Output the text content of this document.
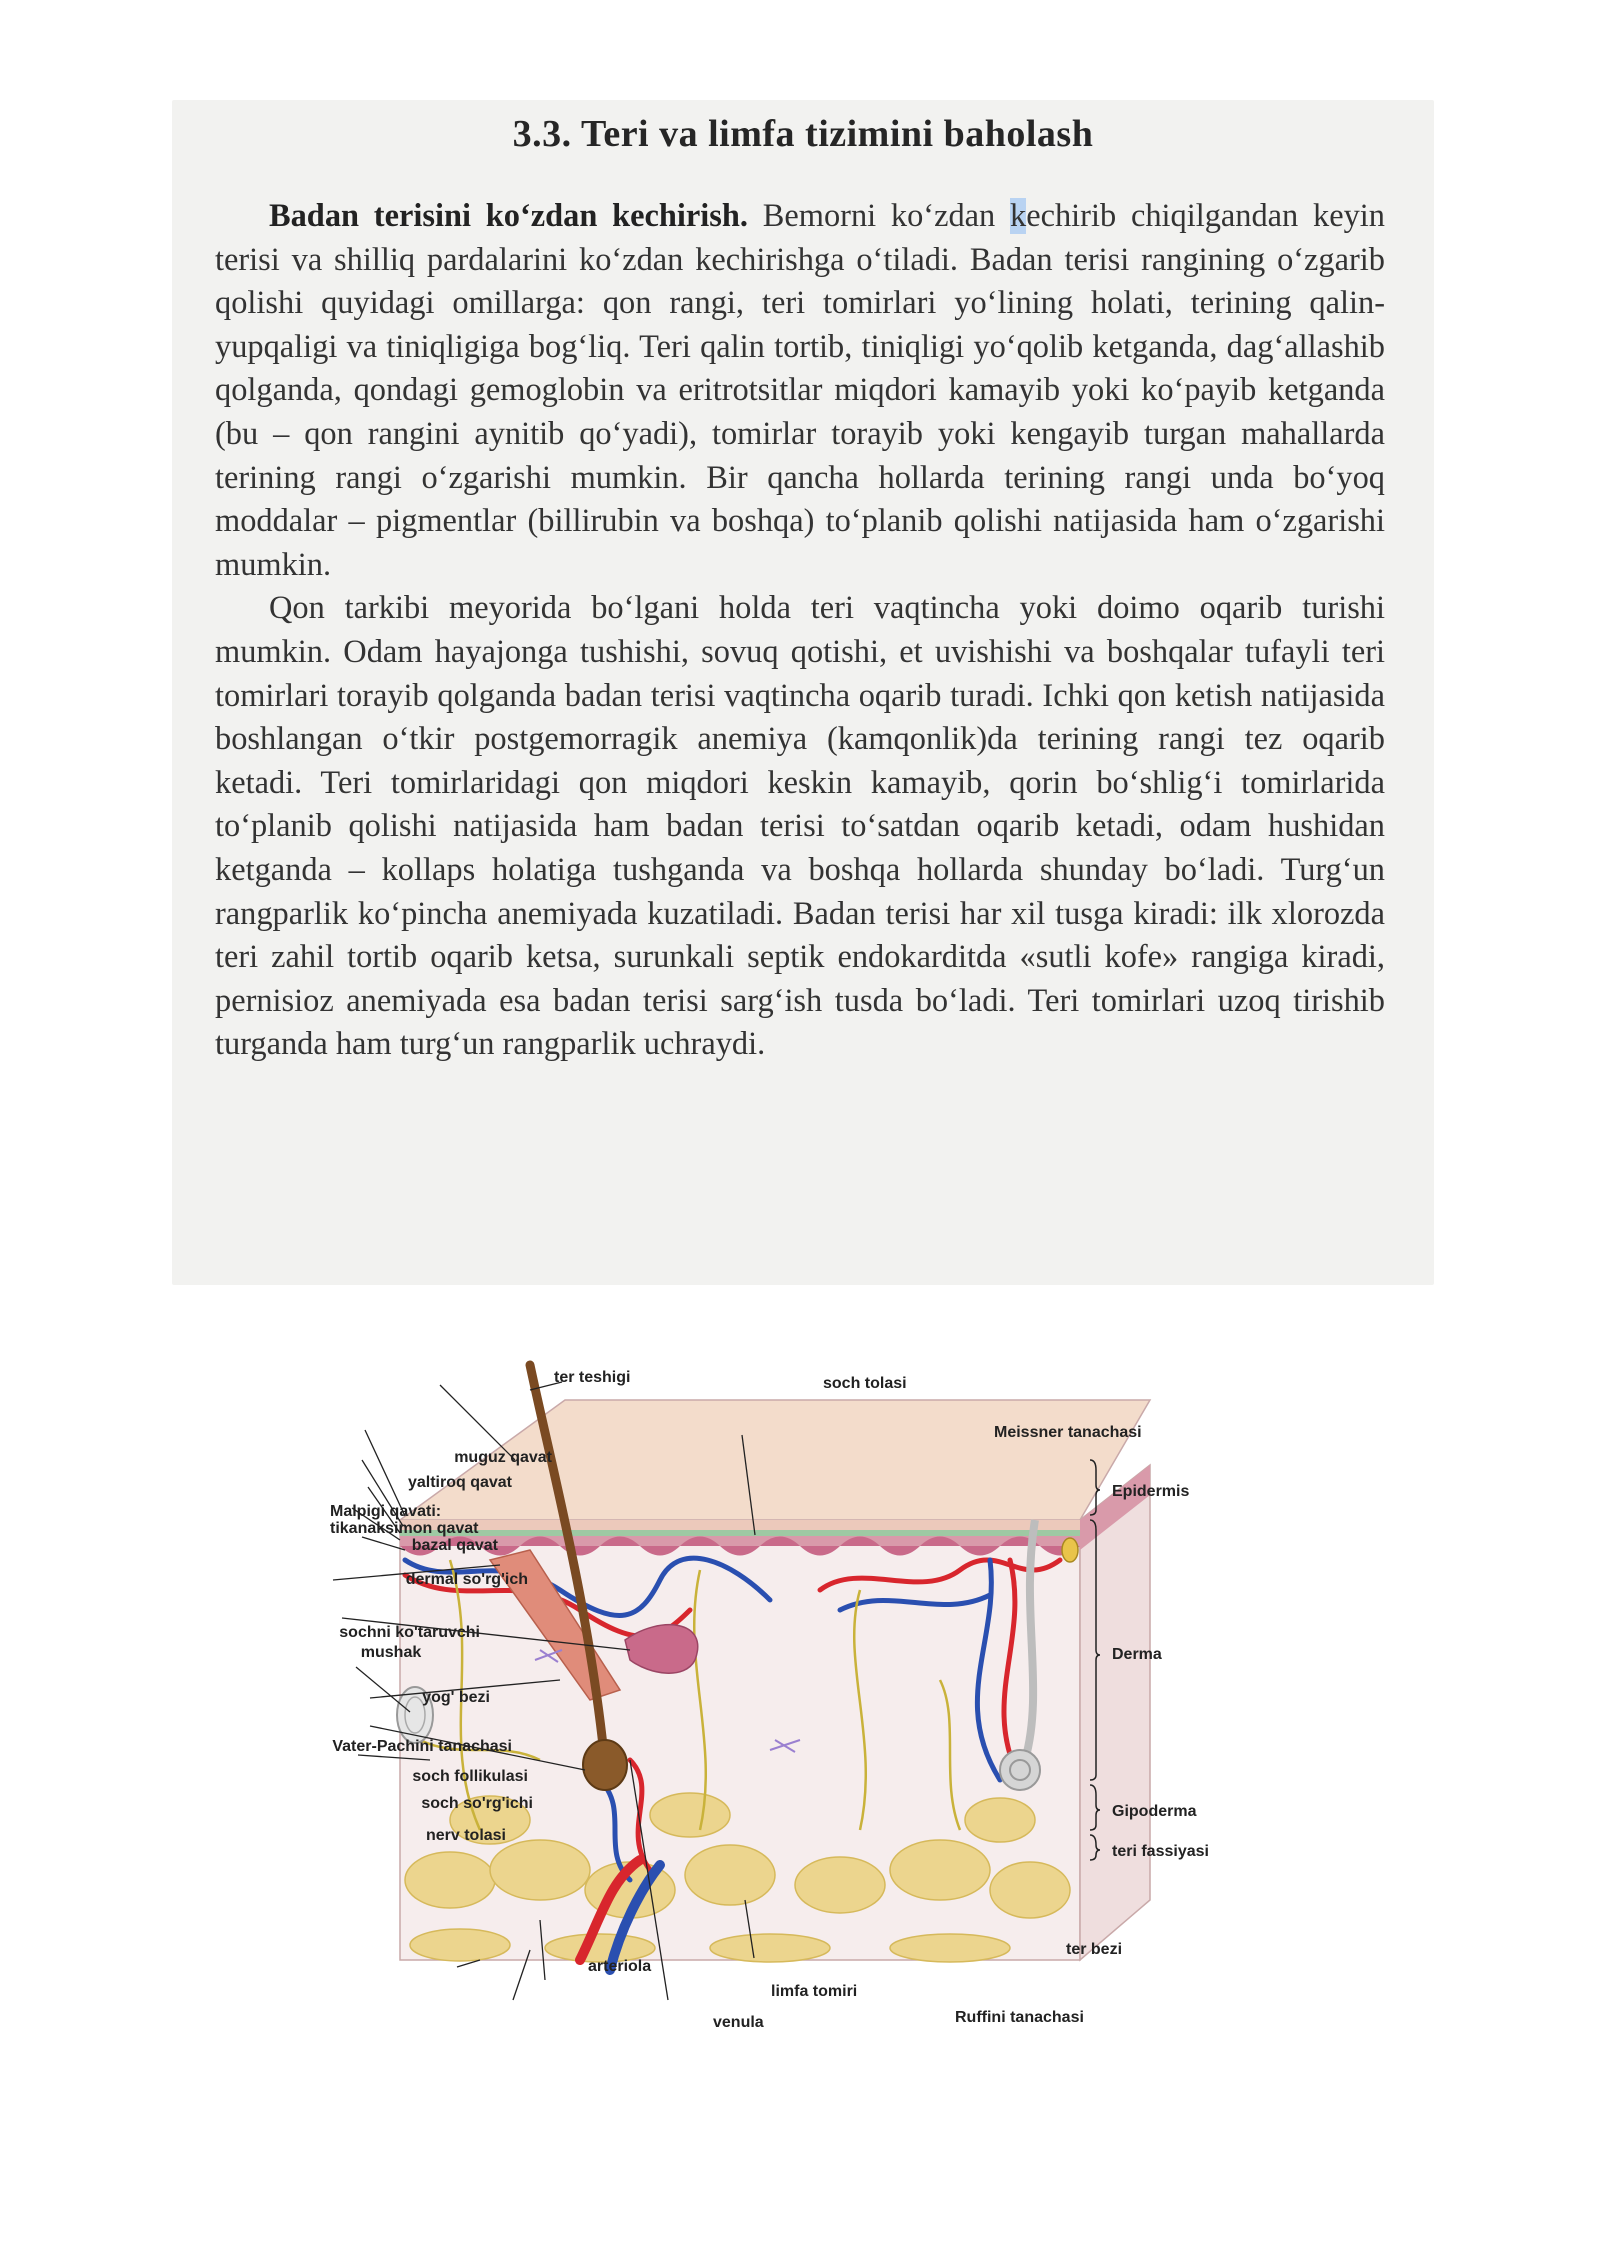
3.3. Teri va limfa tizimini baholash

Badan terisini ko‘zdan kechirish. Bemorni ko‘zdan kechirib chiqilgandan keyin terisi va shilliq pardalarini ko‘zdan kechirishga o‘tiladi. Badan terisi rangining o‘zgarib qolishi quyidagi omillarga: qon rangi, teri tomirlari yo‘lining holati, terining qalin-yupqaligi va tiniqligiga bog‘liq. Teri qalin tortib, tiniqligi yo‘qolib ketganda, dag‘allashib qolganda, qondagi gemoglobin va eritrotsitlar miqdori kamayib yoki ko‘payib ketganda (bu – qon rangini aynitib qo‘yadi), tomirlar torayib yoki kengayib turgan mahallarda terining rangi o‘zgarishi mumkin. Bir qancha hollarda terining rangi unda bo‘yoq moddalar – pigmentlar (billirubin va boshqa) to‘planib qolishi natijasida ham o‘zgarishi mumkin.

Qon tarkibi meyorida bo‘lgani holda teri vaqtincha yoki doimo oqarib turishi mumkin. Odam hayajonga tushishi, sovuq qotishi, et uvishishi va boshqalar tufayli teri tomirlari torayib qolganda badan terisi vaqtincha oqarib turadi. Ichki qon ketish natijasida boshlangan o‘tkir postgemorragik anemiya (kamqonlik)da terining rangi tez oqarib ketadi. Teri tomirlaridagi qon miqdori keskin kamayib, qorin bo‘shlig‘i tomirlarida to‘planib qolishi natijasida ham badan terisi to‘satdan oqarib ketadi, odam hushidan ketganda – kollaps holatiga tushganda va boshqa hollarda shunday bo‘ladi. Turg‘un rangparlik ko‘pincha anemiyada kuzatiladi. Badan terisi har xil tusga kiradi: ilk xlorozda teri zahil tortib oqarib ketsa, surunkali septik endokarditda «sutli kofe» rangiga kiradi, pernisioz anemiyada esa badan terisi sarg‘ish tusda bo‘ladi. Teri tomirlari uzoq tirishib turganda ham turg‘un rangparlik uchraydi.

ter teshigi	soch tolasi
Meissner tanachasi
muguz qavat
yaltiroq qavat
Malpigi qavati:
tikanaksimon qavat
bazal qavat
dermal so'rg'ich
sochni ko'taruvchi
mushak
yog' bezi
Vater-Pachini tanachasi
soch follikulasi
soch so'rg'ichi
nerv tolasi
arteriola
venula
limfa tomiri
Ruffini tanachasi
ter bezi
Epidermis
Derma
Gipoderma
teri fassiyasi
